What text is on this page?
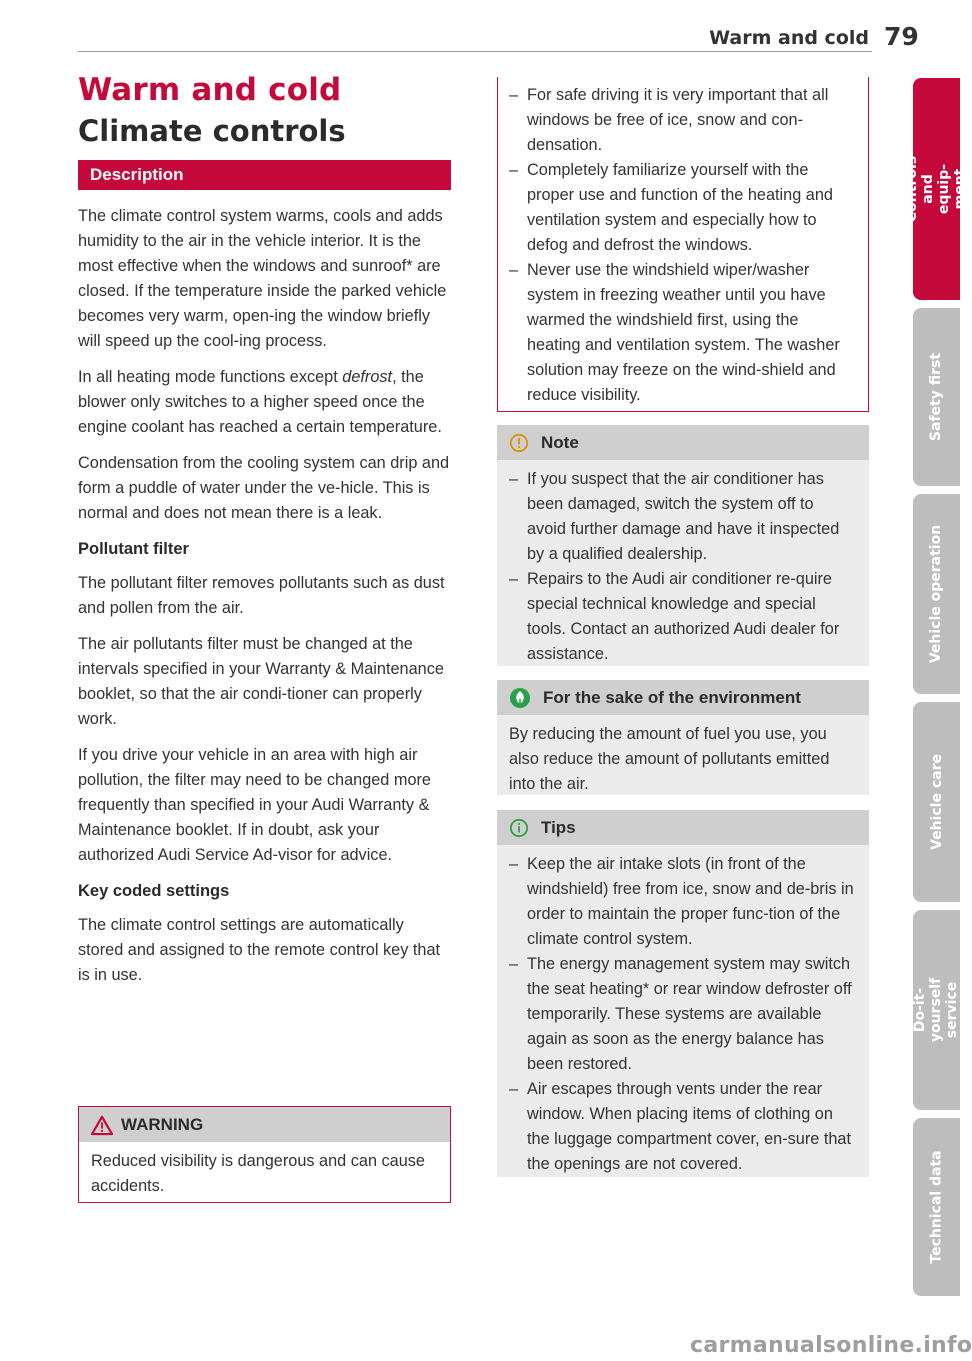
Warm and cold 79
Warm and cold
Climate controls
Description

The climate control system warms, cools and adds humidity to the air in the vehicle interior. It is the most effective when the windows and sunroof* are closed. If the temperature inside the parked vehicle becomes very warm, open-ing the window briefly will speed up the cool-ing process.

In all heating mode functions except defrost, the blower only switches to a higher speed once the engine coolant has reached a certain temperature.

Condensation from the cooling system can drip and form a puddle of water under the ve-hicle. This is normal and does not mean there is a leak.

Pollutant filter

The pollutant filter removes pollutants such as dust and pollen from the air.

The air pollutants filter must be changed at the intervals specified in your Warranty & Maintenance booklet, so that the air condi-tioner can properly work.

If you drive your vehicle in an area with high air pollution, the filter may need to be changed more frequently than specified in your Audi Warranty & Maintenance booklet. If in doubt, ask your authorized Audi Service Ad-visor for advice.

Key coded settings

The climate control settings are automatically stored and assigned to the remote control key that is in use.

WARNING
Reduced visibility is dangerous and can cause accidents.
– For safe driving it is very important that all windows be free of ice, snow and con-densation.
– Completely familiarize yourself with the proper use and function of the heating and ventilation system and especially how to defog and defrost the windows.
– Never use the windshield wiper/washer system in freezing weather until you have warmed the windshield first, using the heating and ventilation system. The washer solution may freeze on the wind-shield and reduce visibility.
Note
– If you suspect that the air conditioner has been damaged, switch the system off to avoid further damage and have it inspected by a qualified dealership.
– Repairs to the Audi air conditioner re-quire special technical knowledge and special tools. Contact an authorized Audi dealer for assistance.
For the sake of the environment

By reducing the amount of fuel you use, you also reduce the amount of pollutants emitted into the air.

Tips
– Keep the air intake slots (in front of the windshield) free from ice, snow and de-bris in order to maintain the proper func-tion of the climate control system.
– The energy management system may switch the seat heating* or rear window defroster off temporarily. These systems are available again as soon as the energy balance has been restored.
– Air escapes through vents under the rear window. When placing items of clothing on the luggage compartment cover, en-sure that the openings are not covered.
Controls and equip-ment
Safety first
Vehicle operation
Vehicle care
Do-it-yourself service
Technical data
carmanualsonline.info
